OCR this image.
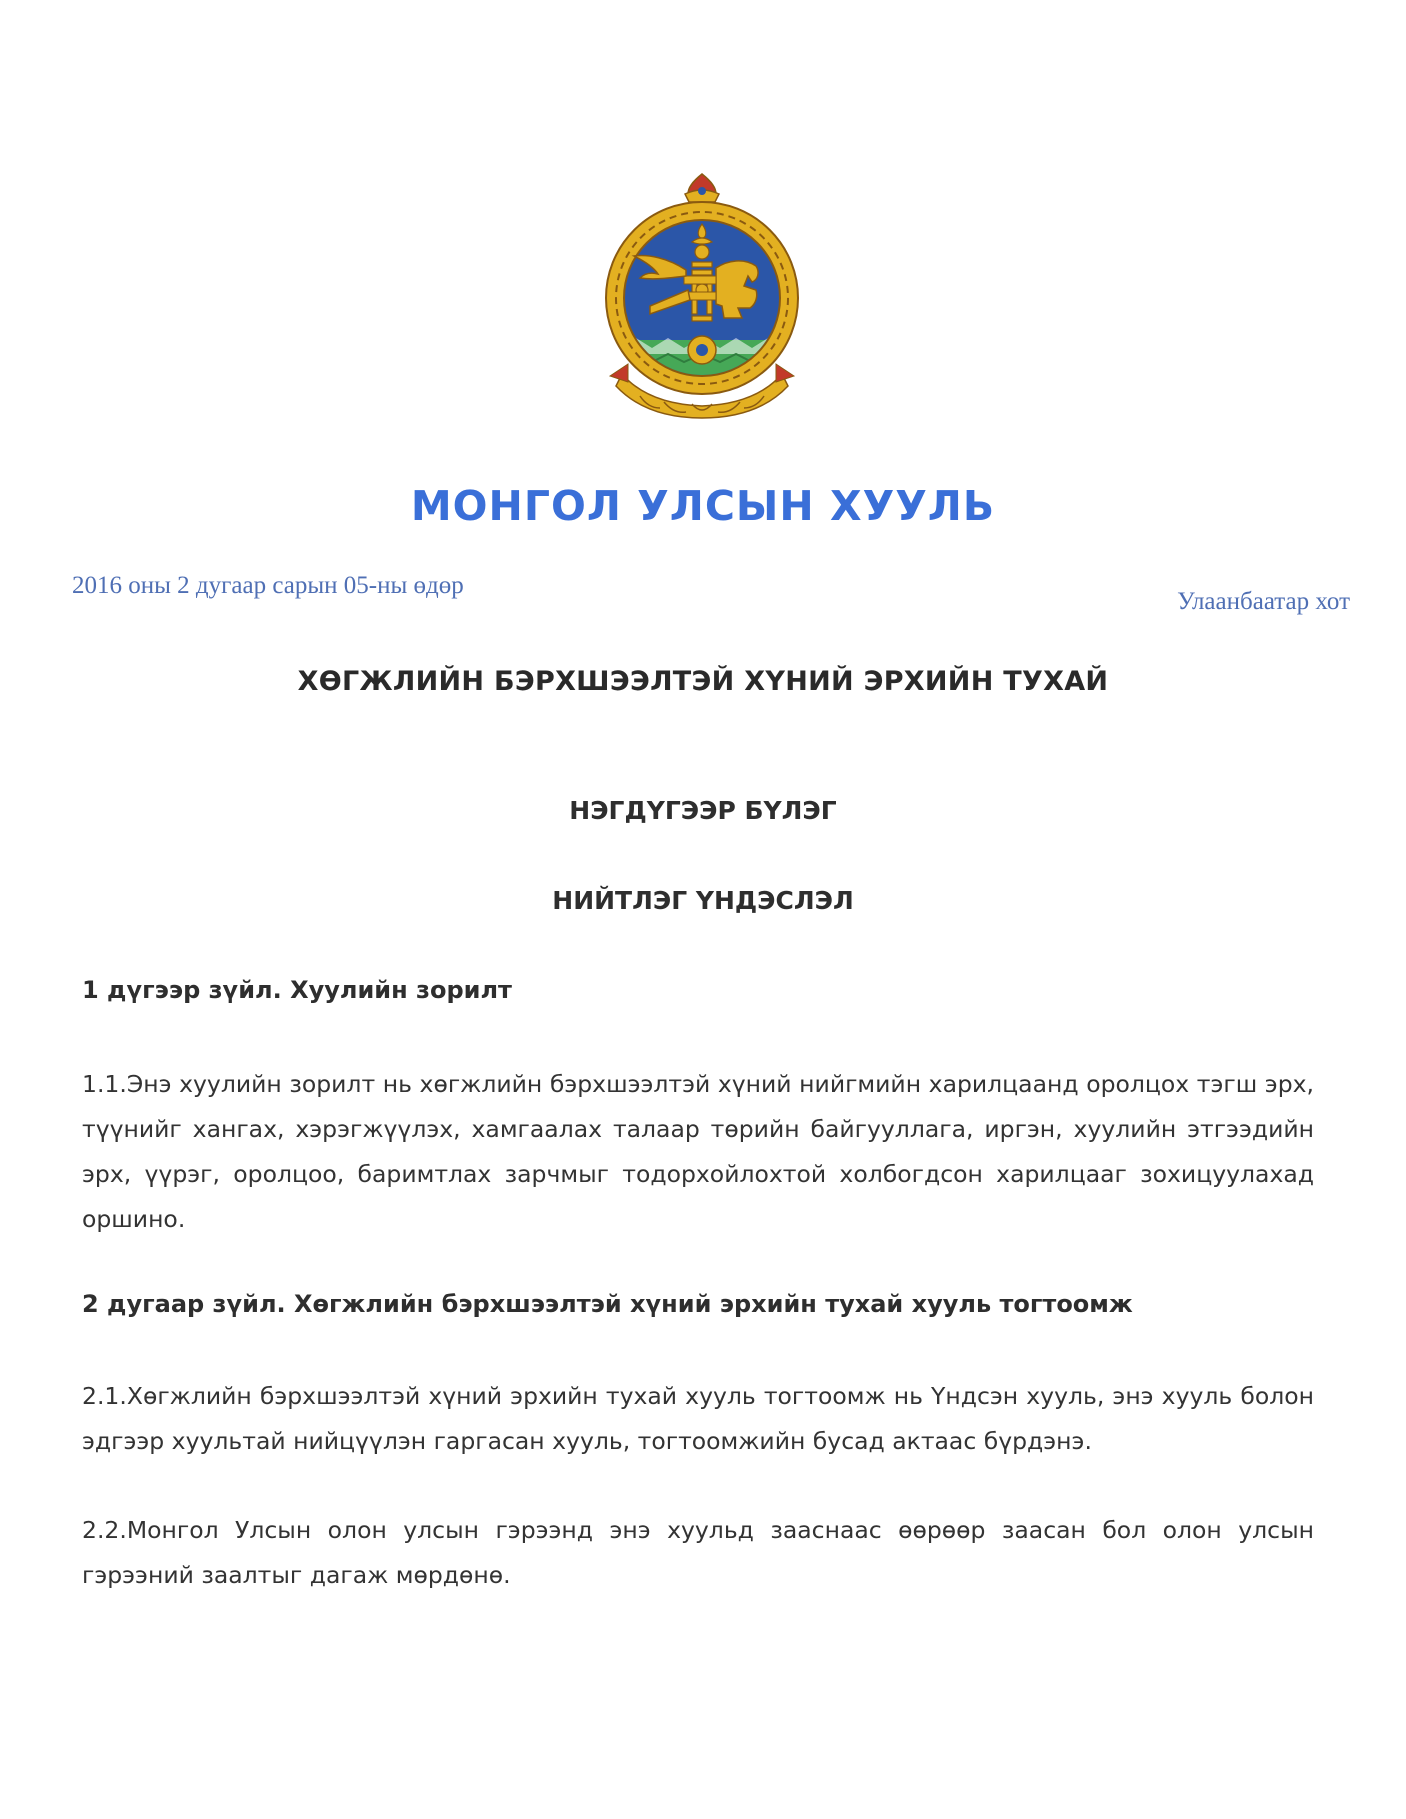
МОНГОЛ УЛСЫН ХУУЛЬ
2016 оны 2 дугаар сарын 05-ны өдөр
Улаанбаатар хот
ХӨГЖЛИЙН БЭРХШЭЭЛТЭЙ ХҮНИЙ ЭРХИЙН ТУХАЙ
НЭГДҮГЭЭР БҮЛЭГ
НИЙТЛЭГ ҮНДЭСЛЭЛ
1 дүгээр зүйл. Хуулийн зорилт

1.1.Энэ хуулийн зорилт нь хөгжлийн бэрхшээлтэй хүний нийгмийн харилцаанд оролцох тэгш эрх, түүнийг хангах, хэрэгжүүлэх, хамгаалах талаар төрийн байгууллага, иргэн, хуулийн этгээдийн эрх, үүрэг, оролцоо, баримтлах зарчмыг тодорхойлохтой холбогдсон харилцааг зохицуулахад оршино.

2 дугаар зүйл. Хөгжлийн бэрхшээлтэй хүний эрхийн тухай хууль тогтоомж

2.1.Хөгжлийн бэрхшээлтэй хүний эрхийн тухай хууль тогтоомж нь Үндсэн хууль, энэ хууль болон эдгээр хуультай нийцүүлэн гаргасан хууль, тогтоомжийн бусад актаас бүрдэнэ.

2.2.Монгол Улсын олон улсын гэрээнд энэ хуульд зааснаас өөрөөр заасан бол олон улсын гэрээний заалтыг дагаж мөрдөнө.
